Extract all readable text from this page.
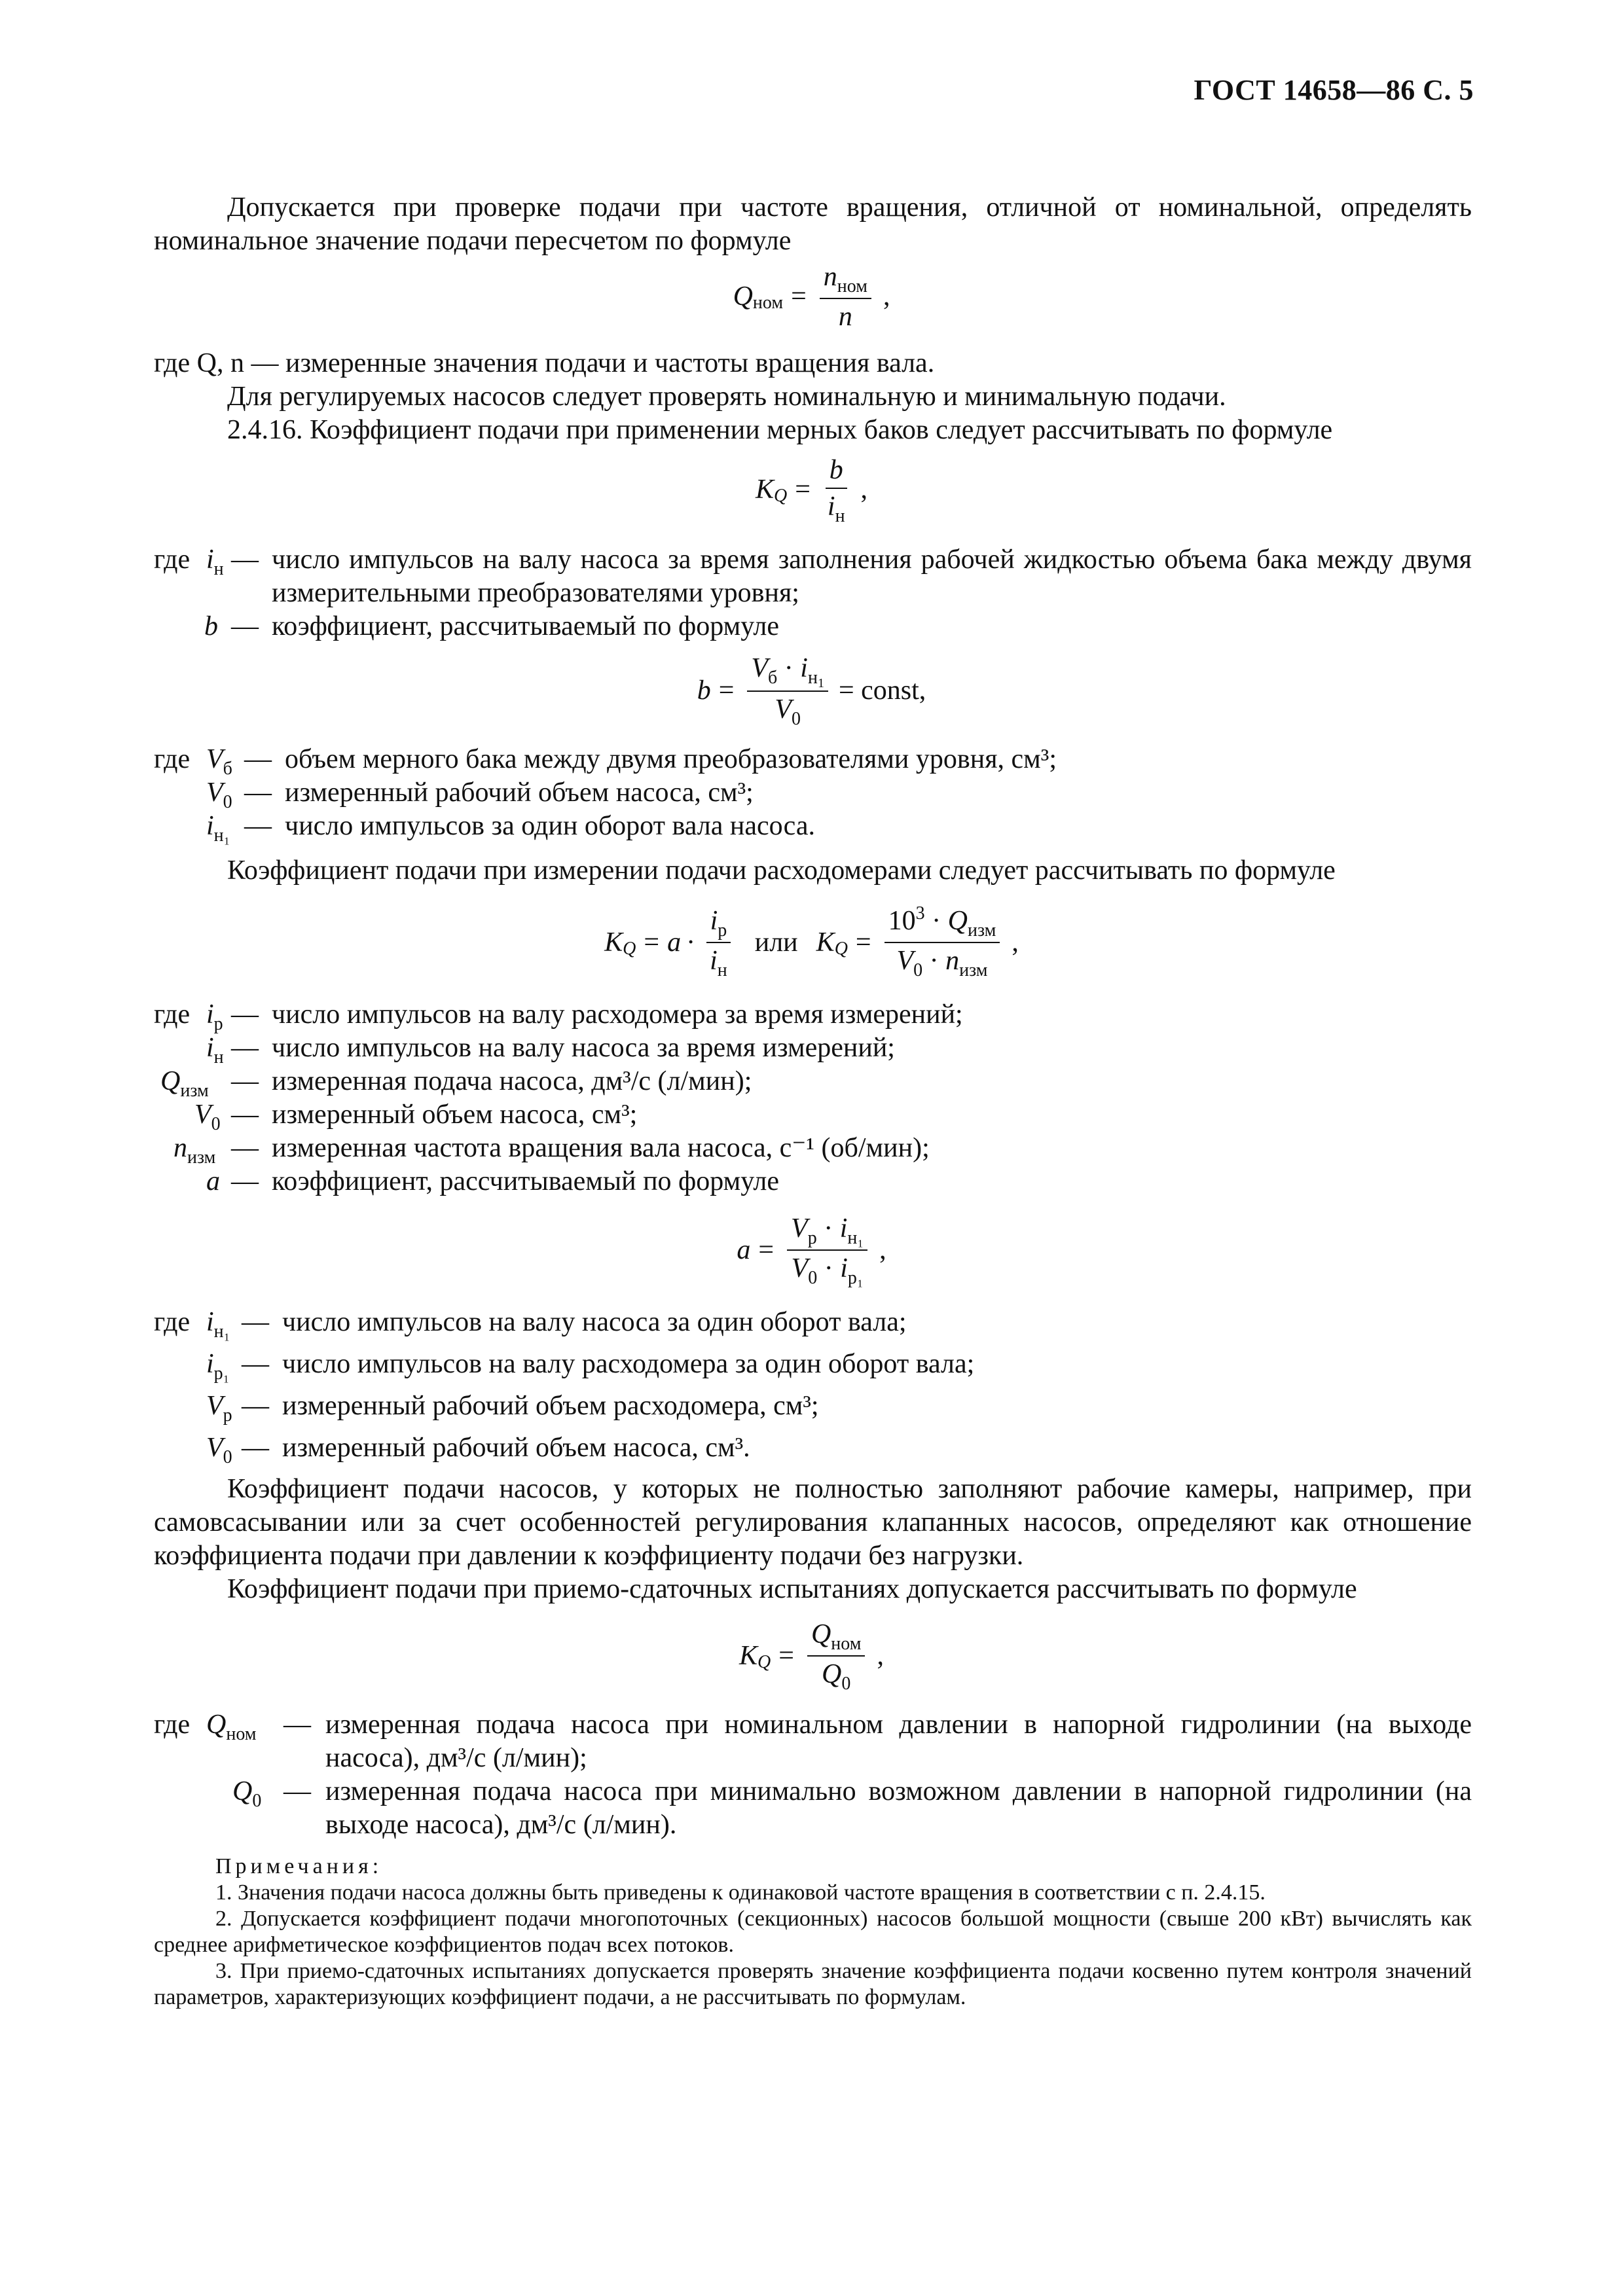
ГОСТ 14658—86 С. 5
Допускается при проверке подачи при частоте вращения, отличной от номинальной, определять номинальное значение подачи пересчетом по формуле
Q ном = $\frac{n_{ном}}{n}$ ,
где Q, n — измеренные значения подачи и частоты вращения вала.
Для регулируемых насосов следует проверять номинальную и минимальную подачи.
2.4.16. Коэффициент подачи при применении мерных баков следует рассчитывать по формуле
K $Q = \frac{b}{i_н}$ ,
где $i_н$ — число импульсов на валу насоса за время заполнения рабочей жидкостью объема бака между двумя измерительными преобразователями уровня;
b — коэффициент, рассчитываемый по формуле
$b = \frac{V_б \cdot i_{н1}}{V_0}$ = const,
где $V_б$ — объем мерного бака между двумя преобразователями уровня, см³;
$V_0$ — измеренный рабочий объем насоса, см³;
$i_{н_1}$ — число импульсов за один оборот вала насоса.
Коэффициент подачи при измерении подачи расходомерами следует рассчитывать по формуле
K $Q = a \cdot \frac{i_р}{i_н}$ или K $Q = \frac{10^3 \cdot Q_{изм}}{V_0 \cdot n_{изм}}$ ,
где $i_р$ — число импульсов на валу расходомера за время измерений;
$i_н$ — число импульсов на валу насоса за время измерений;
$Q_{изм}$ — измеренная подача насоса, дм³/с (л/мин);
$V_0$ — измеренный объем насоса, см³;
$n_{изм}$ — измеренная частота вращения вала насоса, с⁻¹ (об/мин);
a — коэффициент, рассчитываемый по формуле
$a = \frac{V_р \cdot i_{н_1}}{V_0 \cdot i_{р_1}}$ ,
где $i_{н_1}$ — число импульсов на валу насоса за один оборот вала;
$i_{р_1}$ — число импульсов на валу расходомера за один оборот вала;
$V_р$ — измеренный рабочий объем расходомера, см³;
$V_0$ — измеренный рабочий объем насоса, см³.
Коэффициент подачи насосов, у которых не полностью заполняют рабочие камеры, например, при самовсасывании или за счет особенностей регулирования клапанных насосов, определяют как отношение коэффициента подачи при давлении к коэффициенту подачи без нагрузки.
Коэффициент подачи при приемо-сдаточных испытаниях допускается рассчитывать по формуле
K $Q = \frac{Q_{ном}}{Q_0}$ ,
где $Q_{ном}$ — измеренная подача насоса при номинальном давлении в напорной гидролинии (на выходе насоса), дм³/с (л/мин);
$Q_0$ — измеренная подача насоса при минимально возможном давлении в напорной гидролинии (на выходе насоса), дм³/с (л/мин).
Примечания:
1. Значения подачи насоса должны быть приведены к одинаковой частоте вращения в соответствии с п. 2.4.15.
2. Допускается коэффициент подачи многопоточных (секционных) насосов большой мощности (свыше 200 кВт) вычислять как среднее арифметическое коэффициентов подач всех потоков.
3. При приемо-сдаточных испытаниях допускается проверять значение коэффициента подачи косвенно путем контроля значений параметров, характеризующих коэффициент подачи, а не рассчитывать по формулам.
